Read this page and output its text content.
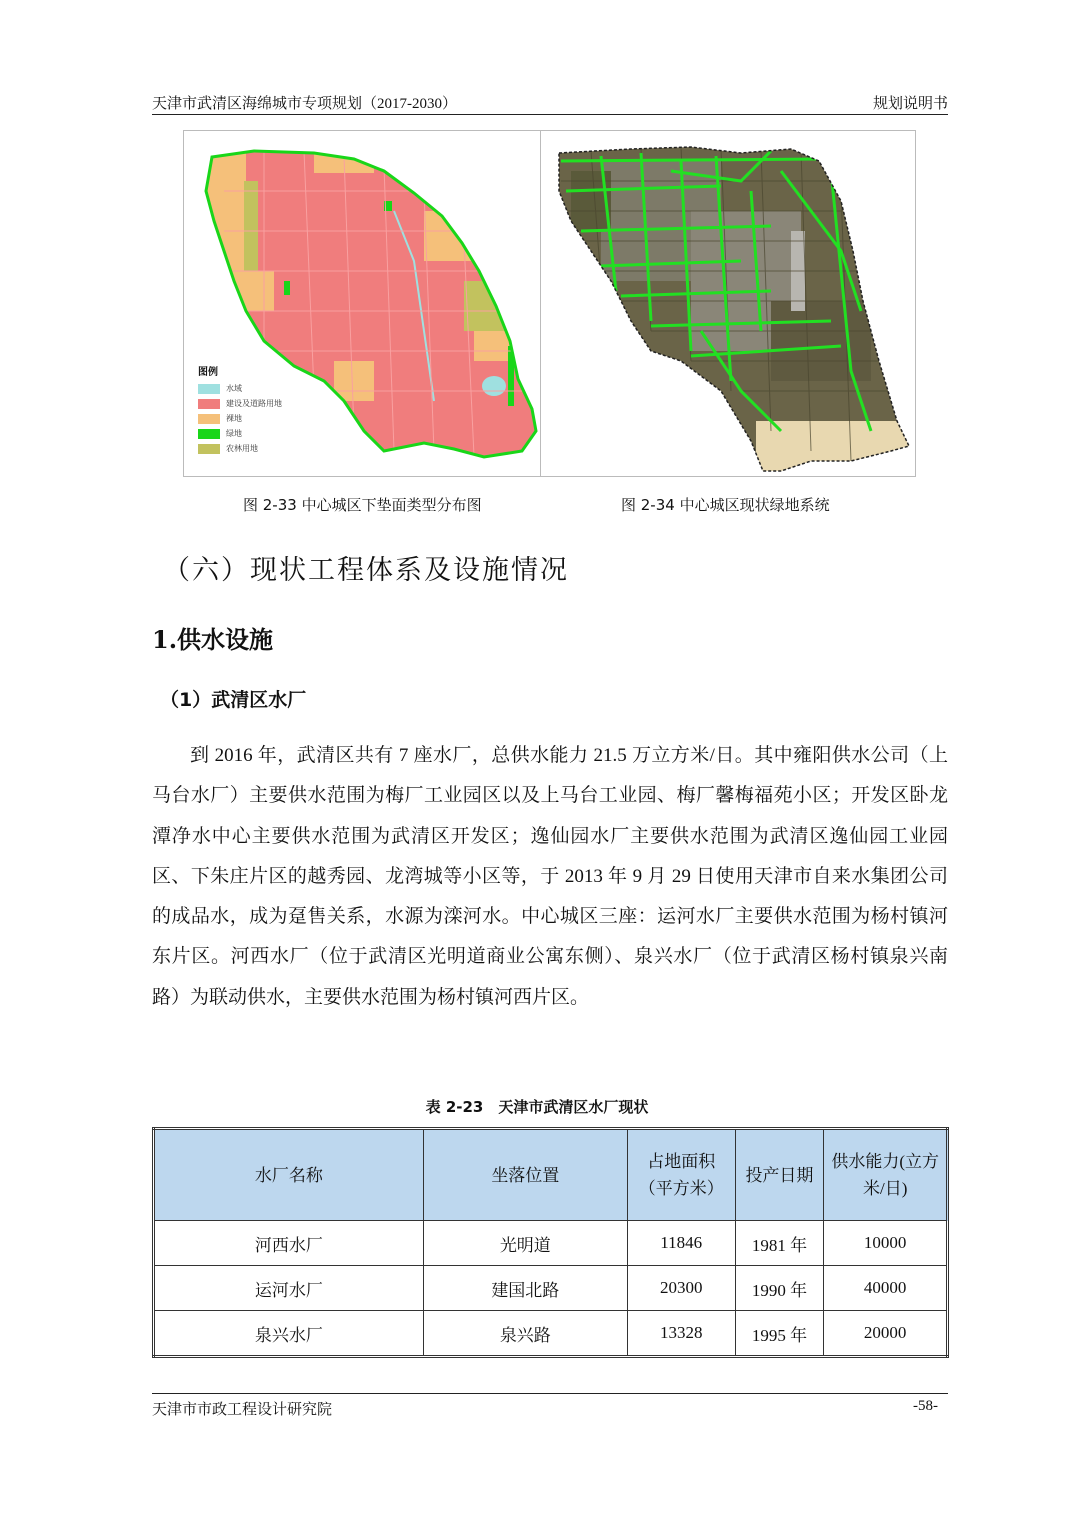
天津市武清区海绵城市专项规划（2017-2030）	规划说明书
图例
水域
建设及道路用地
裸地
绿地
农林用地
图 2-33 中心城区下垫面类型分布图	图 2-34 中心城区现状绿地系统
（六）现状工程体系及设施情况
1.供水设施
（1）武清区水厂
到 2016 年，武清区共有 7 座水厂，总供水能力 21.5 万立方米/日。其中雍阳供水公司（上马台水厂）主要供水范围为梅厂工业园区以及上马台工业园、梅厂馨梅福苑小区；开发区卧龙潭净水中心主要供水范围为武清区开发区；逸仙园水厂主要供水范围为武清区逸仙园工业园区、下朱庄片区的越秀园、龙湾城等小区等，于 2013 年 9 月 29 日使用天津市自来水集团公司的成品水，成为趸售关系，水源为滦河水。中心城区三座：运河水厂主要供水范围为杨村镇河东片区。河西水厂（位于武清区光明道商业公寓东侧）、泉兴水厂（位于武清区杨村镇泉兴南路）为联动供水，主要供水范围为杨村镇河西片区。
表 2-23　天津市武清区水厂现状
水厂名称	坐落位置	占地面积（平方米）	投产日期	供水能力(立方米/日)
河西水厂	光明道	11846	1981 年	10000
运河水厂	建国北路	20300	1990 年	40000
泉兴水厂	泉兴路	13328	1995 年	20000
天津市市政工程设计研究院	-58-
